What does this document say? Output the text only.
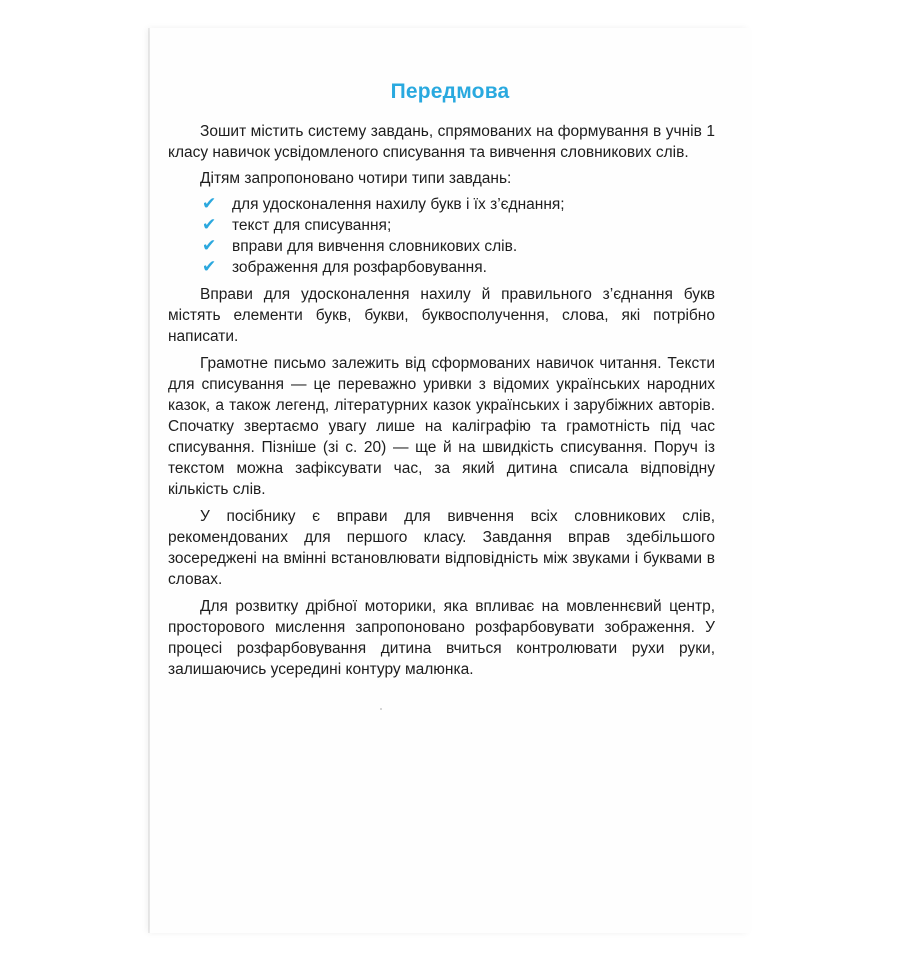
Передмова

Зошит містить систему завдань, спрямованих на формування в учнів 1 класу навичок усвідомленого списування та вивчення словникових слів.

Дітям запропоновано чотири типи завдань:

✔	для удосконалення нахилу букв і їх з’єднання;
✔	текст для списування;
✔	вправи для вивчення словникових слів.
✔	зображення для розфарбовування.

Вправи для удосконалення нахилу й правильного з’єднання букв містять елементи букв, букви, буквосполучення, слова, які потрібно написати.

Грамотне письмо залежить від сформованих навичок читання. Тексти для списування — це переважно уривки з відомих українських народних казок, а також легенд, літературних казок українських і зарубіжних авторів. Спочатку звертаємо увагу лише на каліграфію та грамотність під час списування. Пізніше (зі с. 20) — ще й на швидкість списування. Поруч із текстом можна зафіксувати час, за який дитина списала відповідну кількість слів.

У посібнику є вправи для вивчення всіх словникових слів, рекомендованих для першого класу. Завдання вправ здебільшого зосереджені на вмінні встановлювати відповідність між звуками і буквами в словах.

Для розвитку дрібної моторики, яка впливає на мовленнєвий центр, просторового мислення запропоновано розфарбовувати зображення. У процесі розфарбовування дитина вчиться контролювати рухи руки, залишаючись усередині контуру малюнка.
